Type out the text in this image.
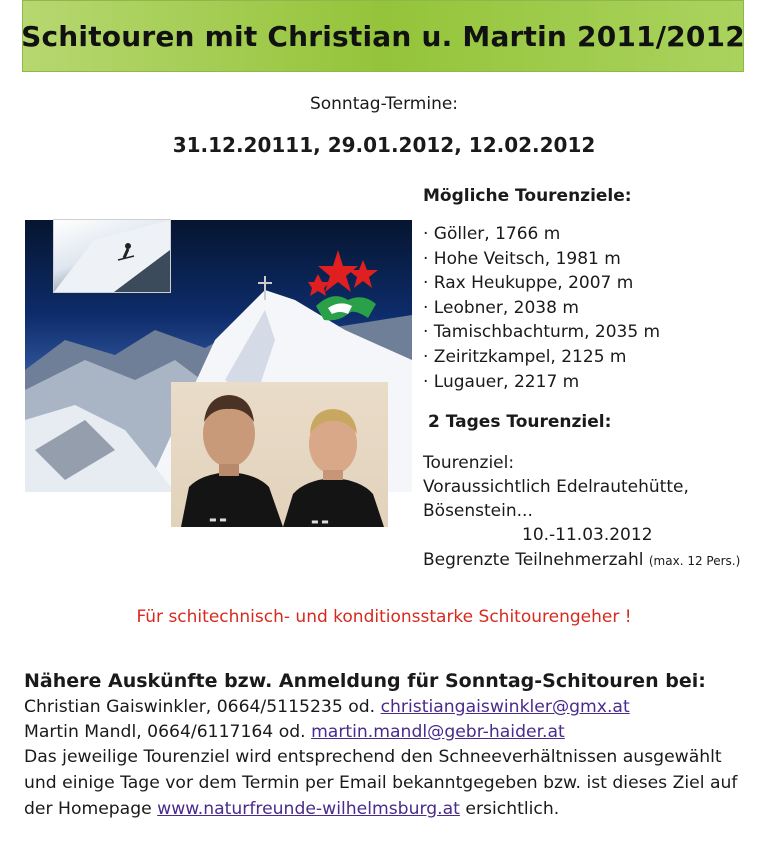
Schitouren mit Christian u. Martin 2011/2012
Sonntag-Termine:
31.12.20111, 29.01.2012, 12.02.2012
▬ ▬	▬ ▬
Mögliche Tourenziele:
· Göller, 1766 m
· Hohe Veitsch, 1981 m
· Rax Heukuppe, 2007 m
· Leobner, 2038 m
· Tamischbachturm, 2035 m
· Zeiritzkampel, 2125 m
· Lugauer, 2217 m
2 Tages Tourenziel:
Tourenziel:
Voraussichtlich Edelrautehütte,
Bösenstein...
10.-11.03.2012
Begrenzte Teilnehmerzahl (max. 12 Pers.)
Für schitechnisch- und konditionsstarke Schitourengeher !
Nähere Auskünfte bzw. Anmeldung für Sonntag-Schitouren bei:
Christian Gaiswinkler, 0664/5115235 od. christiangaiswinkler@gmx.at
Martin Mandl, 0664/6117164 od. martin.mandl@gebr-haider.at
Das jeweilige Tourenziel wird entsprechend den Schneeverhältnissen ausgewählt
und einige Tage vor dem Termin per Email bekanntgegeben bzw. ist dieses Ziel auf
der Homepage www.naturfreunde-wilhelmsburg.at ersichtlich.
